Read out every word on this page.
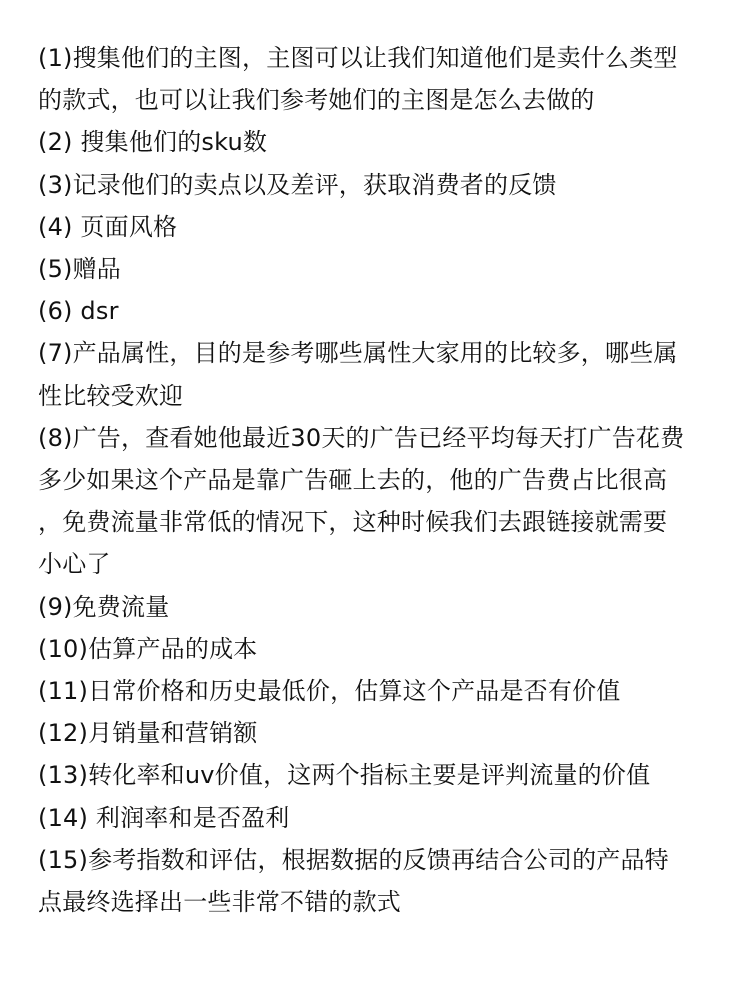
(1)搜集他们的主图，主图可以让我们知道他们是卖什么类型
的款式，也可以让我们参考她们的主图是怎么去做的
(2) 搜集他们的sku数
(3)记录他们的卖点以及差评，获取消费者的反馈
(4) 页面风格
(5)赠品
(6) dsr
(7)产品属性，目的是参考哪些属性大家用的比较多，哪些属
性比较受欢迎
(8)广告，查看她他最近30天的广告已经平均每天打广告花费
多少如果这个产品是靠广告砸上去的，他的广告费占比很高
，免费流量非常低的情况下，这种时候我们去跟链接就需要
小心了
(9)免费流量
(10)估算产品的成本
(11)日常价格和历史最低价，估算这个产品是否有价值
(12)月销量和营销额
(13)转化率和uv价值，这两个指标主要是评判流量的价值
(14) 利润率和是否盈利
(15)参考指数和评估，根据数据的反馈再结合公司的产品特
点最终选择出一些非常不错的款式
